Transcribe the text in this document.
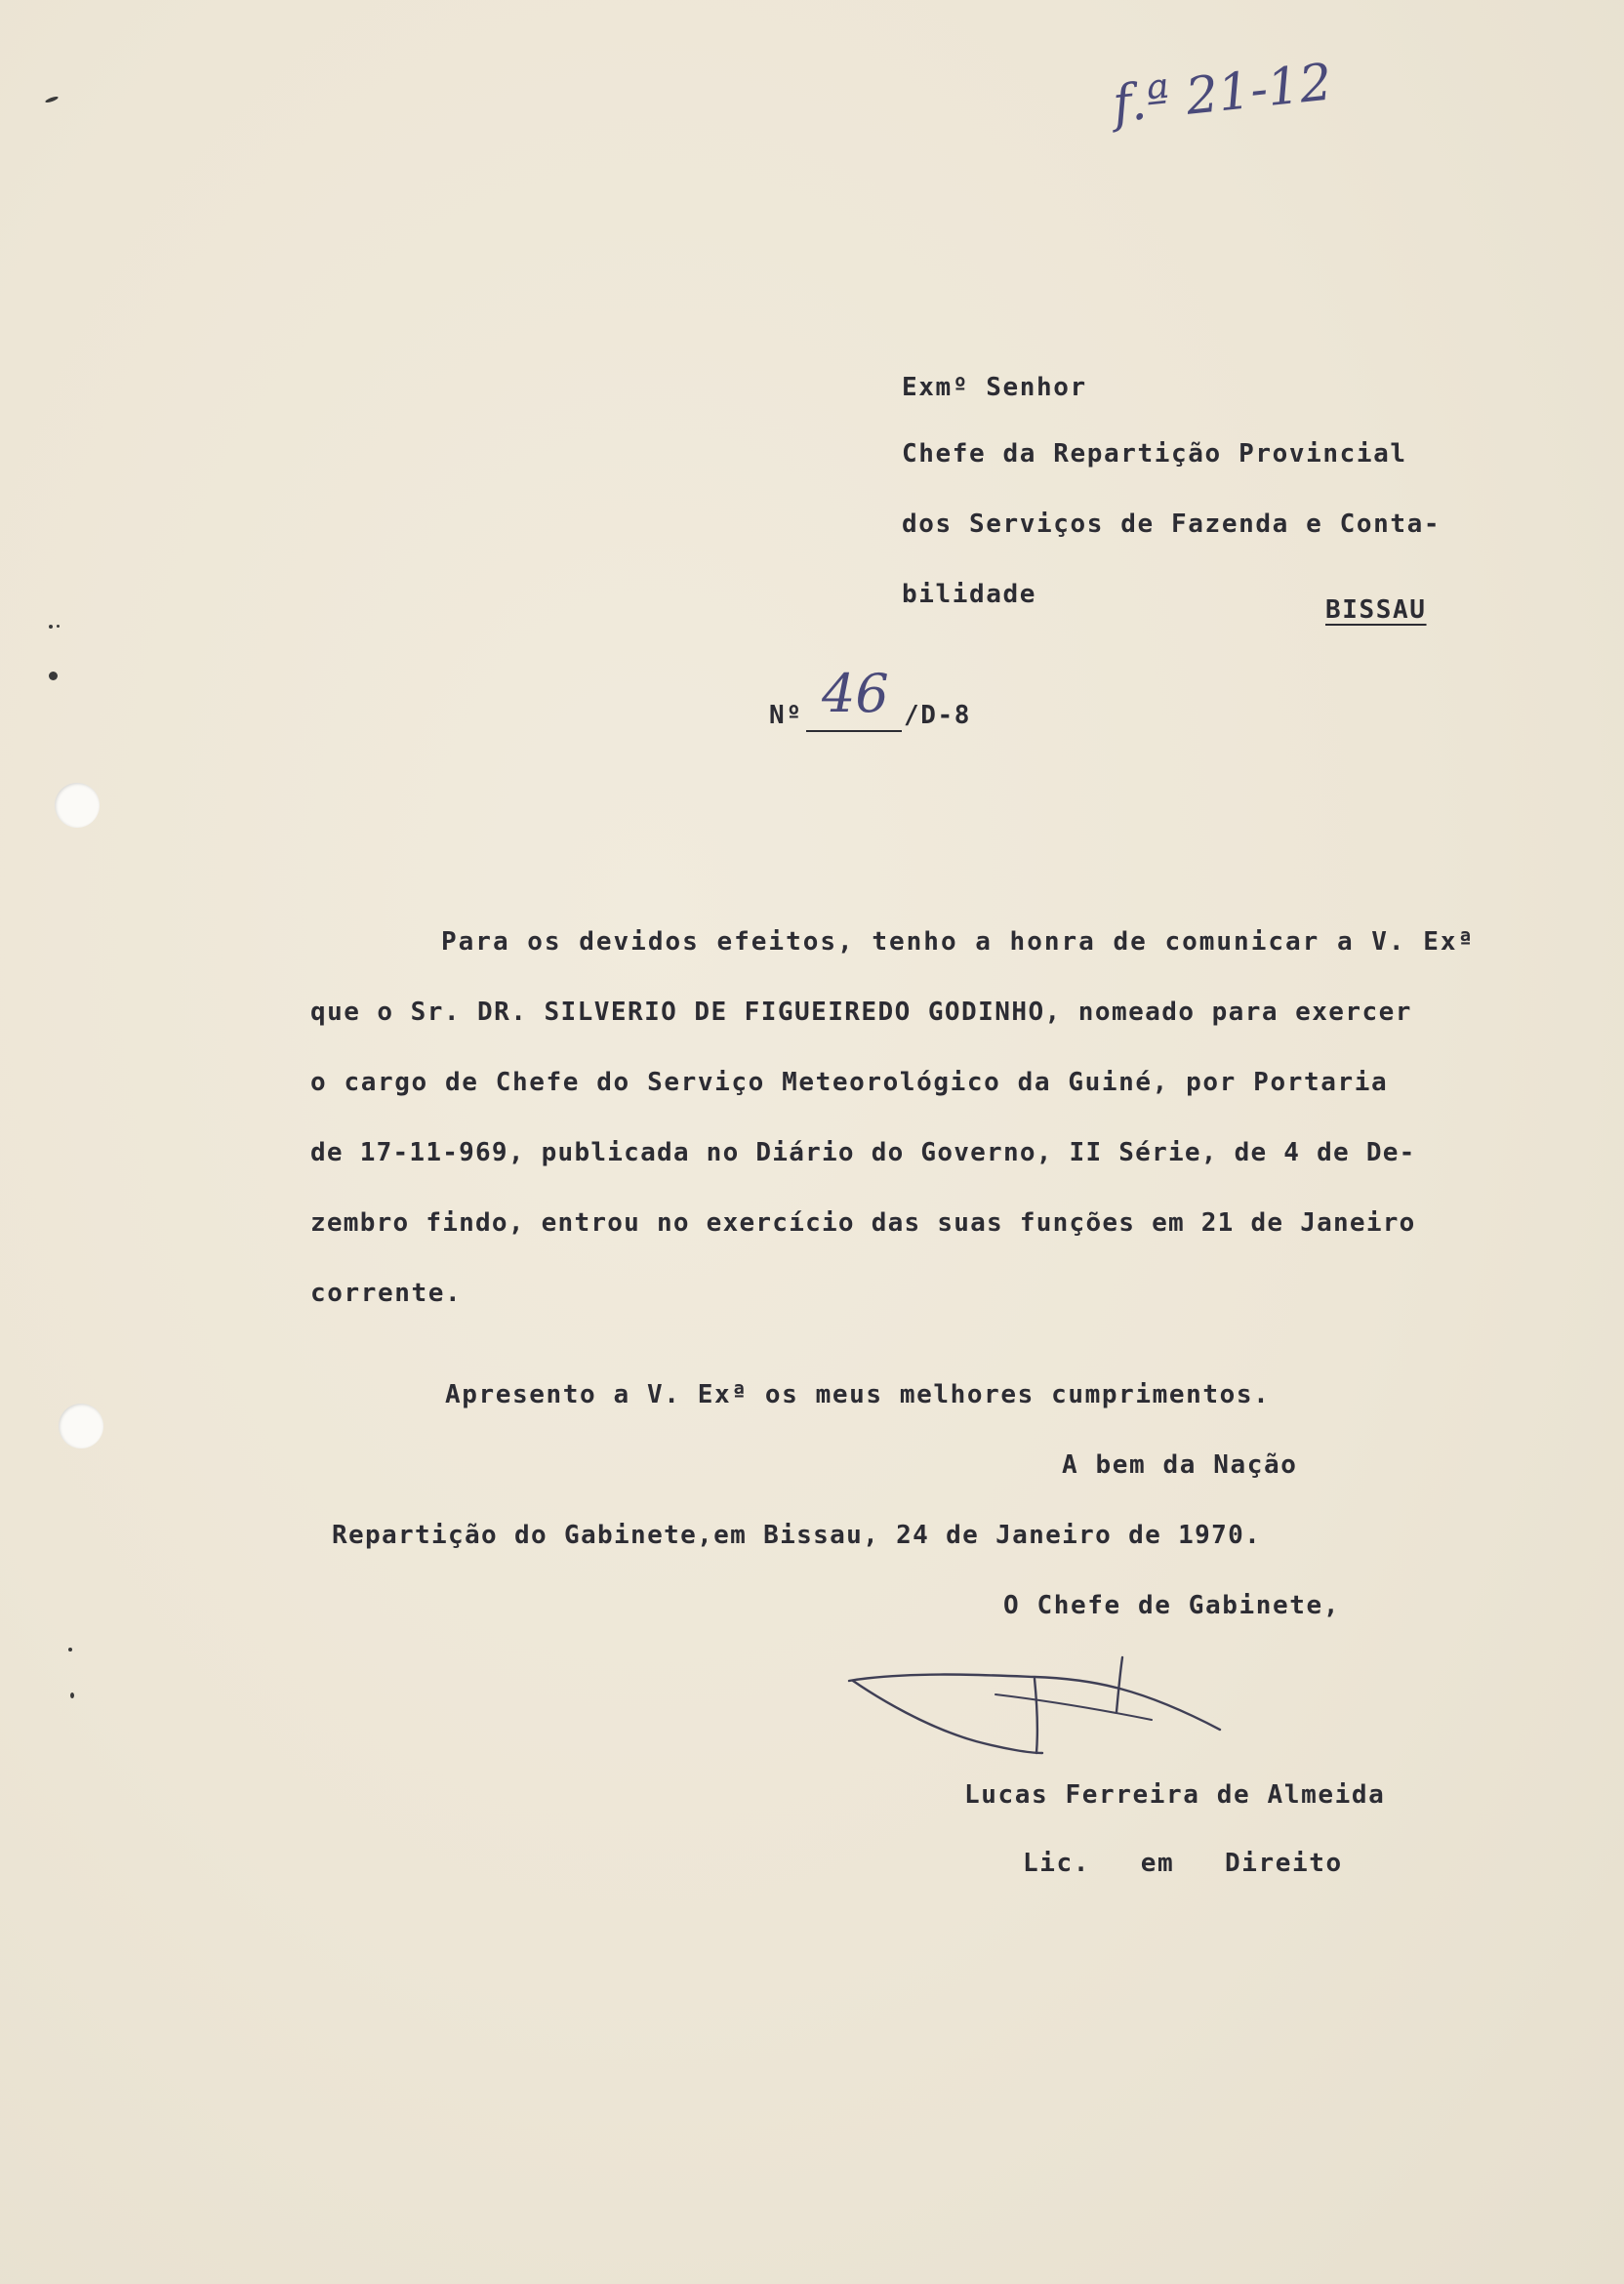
f.ª 21-12
Exmº Senhor
Chefe da Repartição Provincial
dos Serviços de Fazenda e Conta-
bilidade
BISSAU
Nº 46 /D-8
Para os devidos efeitos, tenho a honra de comunicar a V. Exª
que o Sr. DR. SILVERIO DE FIGUEIREDO GODINHO, nomeado para exercer
o cargo de Chefe do Serviço Meteorológico da Guiné, por Portaria
de 17-11-969, publicada no Diário do Governo, II Série, de 4 de De-
zembro findo, entrou no exercício das suas funções em 21 de Janeiro
corrente.
Apresento a V. Exª os meus melhores cumprimentos.
A bem da Nação
Repartição do Gabinete,em Bissau, 24 de Janeiro de 1970.
O Chefe de Gabinete,
Lucas Ferreira de Almeida
Lic.   em   Direito
